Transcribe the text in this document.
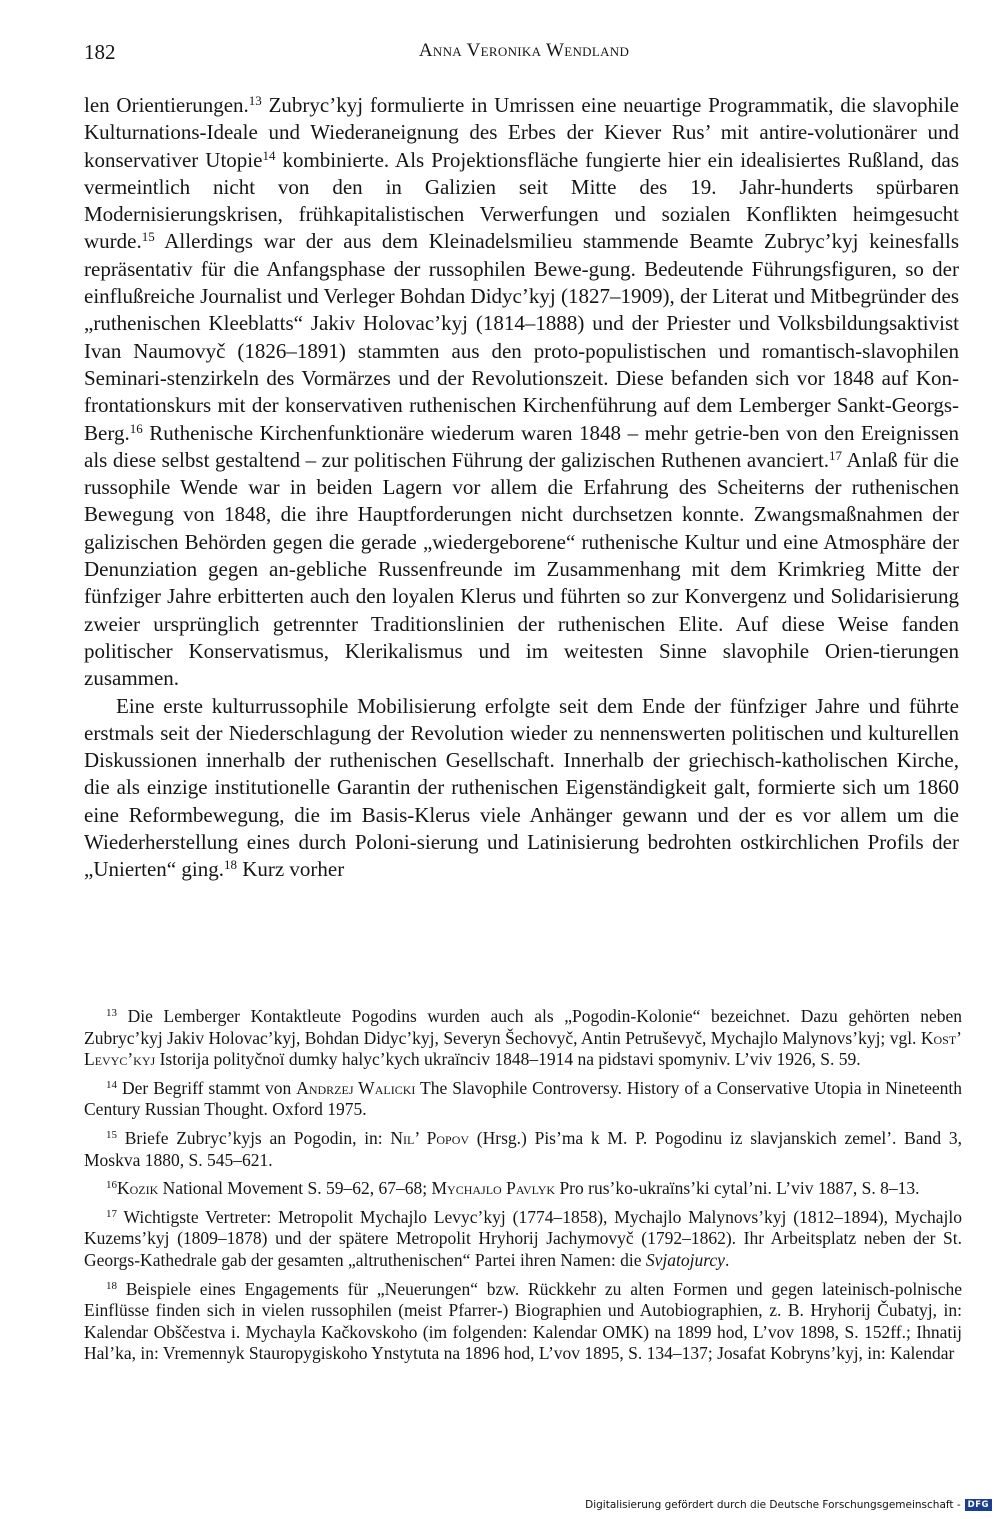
182	Anna Veronika Wendland

len Orientierungen.$^{13}$ Zubryc’kyj formulierte in Umrissen eine neuartige Programmatik, die slavophile Kulturnations-Ideale und Wiederaneignung des Erbes der Kiever Rus’ mit antire-volutionärer und konservativer Utopie$^{14}$ kombinierte. Als Projektionsfläche fungierte hier ein idealisiertes Rußland, das vermeintlich nicht von den in Galizien seit Mitte des 19. Jahr-hunderts spürbaren Modernisierungskrisen, frühkapitalistischen Verwerfungen und sozialen Konflikten heimgesucht wurde.$^{15}$ Allerdings war der aus dem Kleinadelsmilieu stammende Beamte Zubryc’kyj keinesfalls repräsentativ für die Anfangsphase der russophilen Bewe-gung. Bedeutende Führungsfiguren, so der einflußreiche Journalist und Verleger Bohdan Didyc’kyj (1827–1909), der Literat und Mitbegründer des „ruthenischen Kleeblatts“ Jakiv Holovac’kyj (1814–1888) und der Priester und Volksbildungsaktivist Ivan Naumovyč (1826–1891) stammten aus den proto-populistischen und romantisch-slavophilen Seminari-stenzirkeln des Vormärzes und der Revolutionszeit. Diese befanden sich vor 1848 auf Kon-frontationskurs mit der konservativen ruthenischen Kirchenführung auf dem Lemberger Sankt-Georgs-Berg.$^{16}$ Ruthenische Kirchenfunktionäre wiederum waren 1848 – mehr getrie-ben von den Ereignissen als diese selbst gestaltend – zur politischen Führung der galizischen Ruthenen avanciert.$^{17}$ Anlaß für die russophile Wende war in beiden Lagern vor allem die Erfahrung des Scheiterns der ruthenischen Bewegung von 1848, die ihre Hauptforderungen nicht durchsetzen konnte. Zwangsmaßnahmen der galizischen Behörden gegen die gerade „wiedergeborene“ ruthenische Kultur und eine Atmosphäre der Denunziation gegen an-gebliche Russenfreunde im Zusammenhang mit dem Krimkrieg Mitte der fünfziger Jahre erbitterten auch den loyalen Klerus und führten so zur Konvergenz und Solidarisierung zweier ursprünglich getrennter Traditionslinien der ruthenischen Elite. Auf diese Weise fanden politischer Konservatismus, Klerikalismus und im weitesten Sinne slavophile Orien-tierungen zusammen.

Eine erste kulturrussophile Mobilisierung erfolgte seit dem Ende der fünfziger Jahre und führte erstmals seit der Niederschlagung der Revolution wieder zu nennenswerten politischen und kulturellen Diskussionen innerhalb der ruthenischen Gesellschaft. Innerhalb der griechisch-katholischen Kirche, die als einzige institutionelle Garantin der ruthenischen Eigenständigkeit galt, formierte sich um 1860 eine Reformbewegung, die im Basis-Klerus viele Anhänger gewann und der es vor allem um die Wiederherstellung eines durch Poloni-sierung und Latinisierung bedrohten ostkirchlichen Profils der „Unierten“ ging.$^{18}$ Kurz vorher

$^{13}$ Die Lemberger Kontaktleute Pogodins wurden auch als „Pogodin-Kolonie“ bezeichnet. Dazu gehörten neben Zubryc’kyj Jakiv Holovac’kyj, Bohdan Didyc’kyj, Severyn Šechovyč, Antin Petruševyč, Mychajlo Malynovs’kyj; vgl. Kost’ Levyc’kyj Istorija polityčnoï dumky halyc’kych ukraïnciv 1848–1914 na pidstavi spomyniv. L’viv 1926, S. 59.

$^{14}$ Der Begriff stammt von Andrzej Walicki The Slavophile Controversy. History of a Conservative Utopia in Nineteenth Century Russian Thought. Oxford 1975.

$^{15}$ Briefe Zubryc’kyjs an Pogodin, in: Nil’ Popov (Hrsg.) Pis’ma k M. P. Pogodinu iz slavjanskich zemel’. Band 3, Moskva 1880, S. 545–621.

$^{16}$Kozik National Movement S. 59–62, 67–68; Mychajlo Pavlyk Pro rus’ko-ukraïns’ki cytal’ni. L’viv 1887, S. 8–13.

$^{17}$ Wichtigste Vertreter: Metropolit Mychajlo Levyc’kyj (1774–1858), Mychajlo Malynovs’kyj (1812–1894), Mychajlo Kuzems’kyj (1809–1878) und der spätere Metropolit Hryhorij Jachymovyč (1792–1862). Ihr Arbeitsplatz neben der St. Georgs-Kathedrale gab der gesamten „altruthenischen“ Partei ihren Namen: die Svjatojurcy.

$^{18}$ Beispiele eines Engagements für „Neuerungen“ bzw. Rückkehr zu alten Formen und gegen lateinisch-polnische Einflüsse finden sich in vielen russophilen (meist Pfarrer-) Biographien und Autobiographien, z. B. Hryhorij Čubatyj, in: Kalendar Obščestva i. Mychayla Kačkovskoho (im folgenden: Kalendar OMK) na 1899 hod, L’vov 1898, S. 152ff.; Ihnatij Hal’ka, in: Vremennyk Stauropygiskoho Ynstytuta na 1896 hod, L’vov 1895, S. 134–137; Josafat Kobryns’kyj, in: Kalendar

Digitalisierung gefördert durch die Deutsche Forschungsgemeinschaft - DFG
